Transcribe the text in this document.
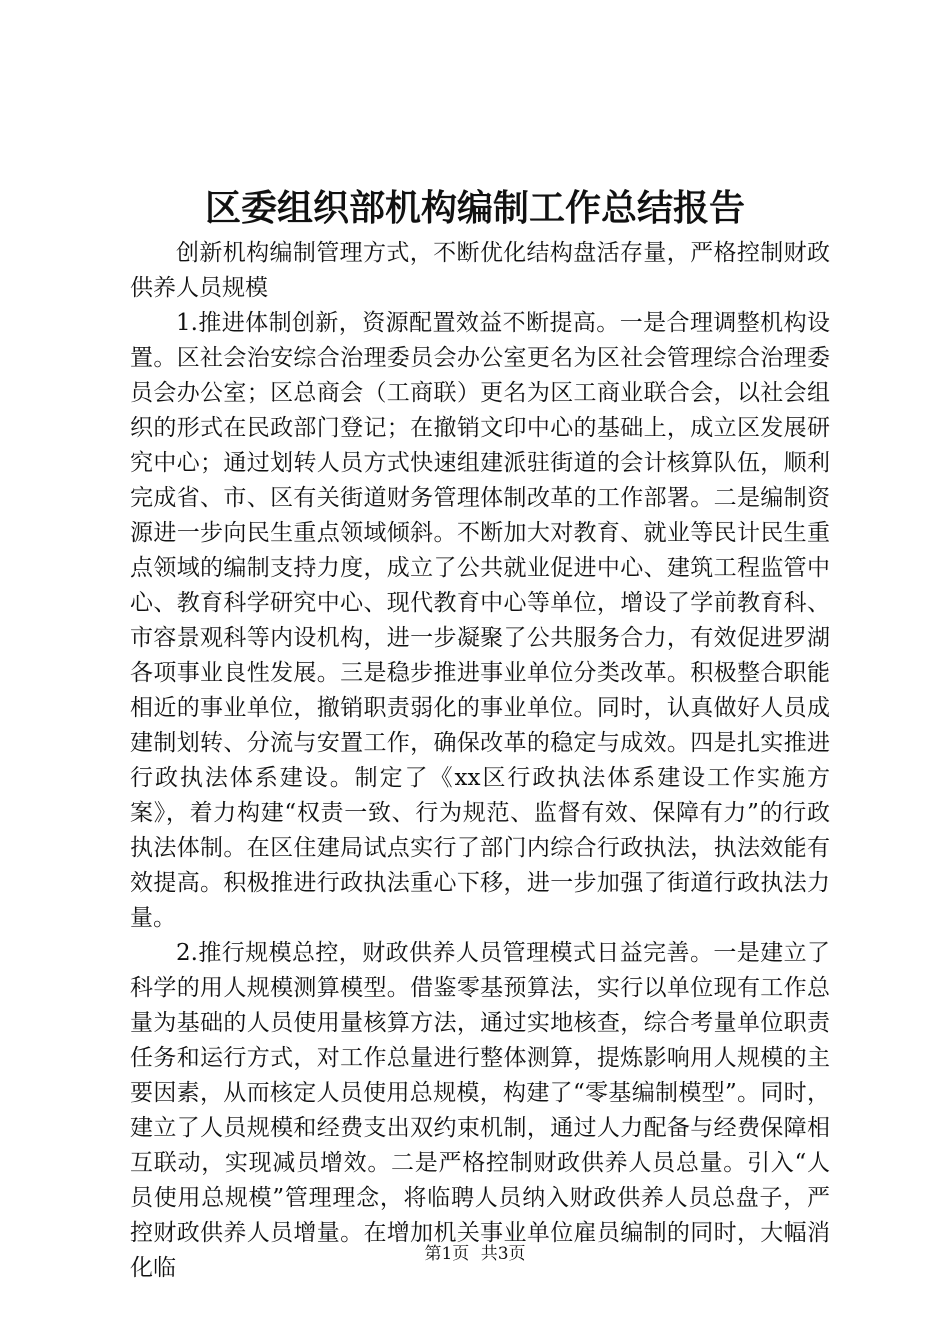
区委组织部机构编制工作总结报告

创新机构编制管理方式，不断优化结构盘活存量，严格控制财政供养人员规模

1.推进体制创新，资源配置效益不断提高。一是合理调整机构设置。区社会治安综合治理委员会办公室更名为区社会管理综合治理委员会办公室；区总商会（工商联）更名为区工商业联合会，以社会组织的形式在民政部门登记；在撤销文印中心的基础上，成立区发展研究中心；通过划转人员方式快速组建派驻街道的会计核算队伍，顺利完成省、市、区有关街道财务管理体制改革的工作部署。二是编制资源进一步向民生重点领域倾斜。不断加大对教育、就业等民计民生重点领域的编制支持力度，成立了公共就业促进中心、建筑工程监管中心、教育科学研究中心、现代教育中心等单位，增设了学前教育科、市容景观科等内设机构，进一步凝聚了公共服务合力，有效促进罗湖各项事业良性发展。三是稳步推进事业单位分类改革。积极整合职能相近的事业单位，撤销职责弱化的事业单位。同时，认真做好人员成建制划转、分流与安置工作，确保改革的稳定与成效。四是扎实推进行政执法体系建设。制定了《xx区行政执法体系建设工作实施方案》，着力构建“权责一致、行为规范、监督有效、保障有力”的行政执法体制。在区住建局试点实行了部门内综合行政执法，执法效能有效提高。积极推进行政执法重心下移，进一步加强了街道行政执法力量。

2.推行规模总控，财政供养人员管理模式日益完善。一是建立了科学的用人规模测算模型。借鉴零基预算法，实行以单位现有工作总量为基础的人员使用量核算方法，通过实地核查，综合考量单位职责任务和运行方式，对工作总量进行整体测算，提炼影响用人规模的主要因素，从而核定人员使用总规模，构建了“零基编制模型”。同时，建立了人员规模和经费支出双约束机制，通过人力配备与经费保障相互联动，实现减员增效。二是严格控制财政供养人员总量。引入“人员使用总规模”管理理念，将临聘人员纳入财政供养人员总盘子，严控财政供养人员增量。在增加机关事业单位雇员编制的同时，大幅消化临

第1页 共3页
